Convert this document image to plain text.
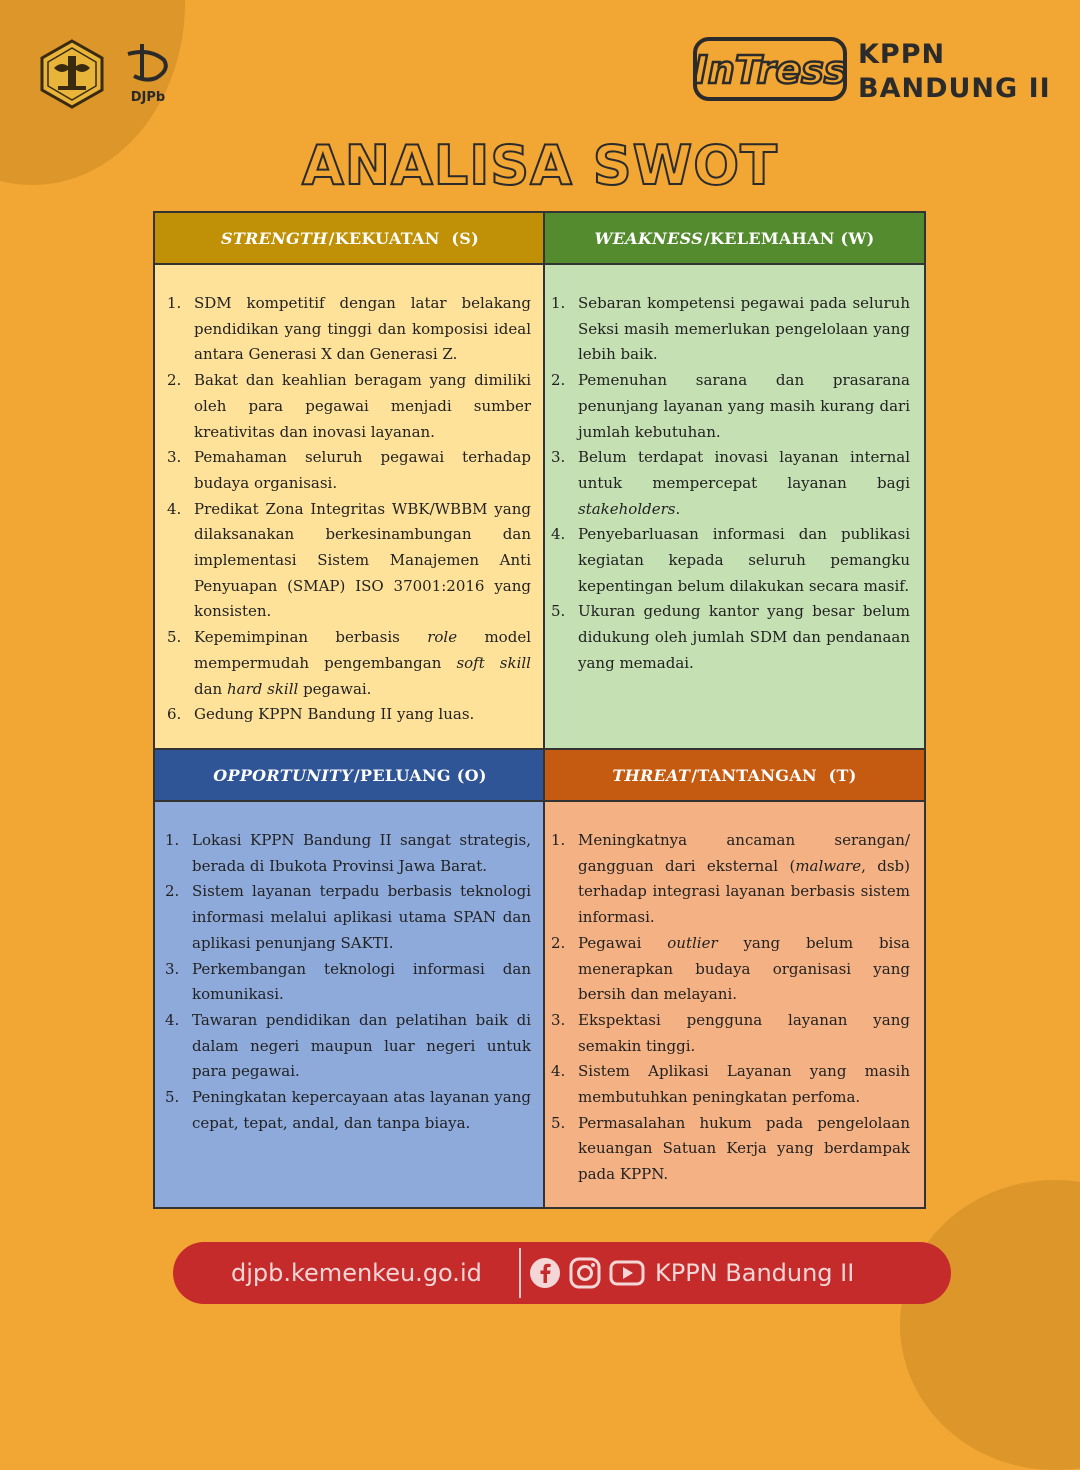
DJPb
InTress KPPN
BANDUNG II
ANALISA SWOT
STRENGTH /KEKUATAN  (S)
1. SDM kompetitif dengan latar belakang pendidikan yang tinggi dan komposisi ideal antara Generasi X dan Generasi Z.
2. Bakat dan keahlian beragam yang dimiliki oleh para pegawai menjadi sumber kreativitas dan inovasi layanan.
3. Pemahaman seluruh pegawai terhadap budaya organisasi.
4. Predikat Zona Integritas WBK/WBBM yang dilaksanakan berkesinambungan dan implementasi Sistem Manajemen Anti Penyuapan (SMAP) ISO 37001:2016 yang konsisten.
5. Kepemimpinan berbasis role model mempermudah pengembangan soft skill dan hard skill pegawai.
6. Gedung KPPN Bandung II yang luas.
WEAKNESS /KELEMAHAN (W)
1. Sebaran kompetensi pegawai pada seluruh Seksi masih memerlukan pengelolaan yang lebih baik.
2. Pemenuhan sarana dan prasarana penunjang layanan yang masih kurang dari jumlah kebutuhan.
3. Belum terdapat inovasi layanan internal untuk mempercepat layanan bagi stakeholders.
4. Penyebarluasan informasi dan publikasi kegiatan kepada seluruh pemangku kepentingan belum dilakukan secara masif.
5. Ukuran gedung kantor yang besar belum didukung oleh jumlah SDM dan pendanaan yang memadai.
OPPORTUNITY /PELUANG (O)
1. Lokasi KPPN Bandung II sangat strategis, berada di Ibukota Provinsi Jawa Barat.
2. Sistem layanan terpadu berbasis teknologi informasi melalui aplikasi utama SPAN dan aplikasi penunjang SAKTI.
3. Perkembangan teknologi informasi dan komunikasi.
4. Tawaran pendidikan dan pelatihan baik di dalam negeri maupun luar negeri untuk para pegawai.
5. Peningkatan kepercayaan atas layanan yang cepat, tepat, andal, dan tanpa biaya.
THREAT /TANTANGAN  (T)
1. Meningkatnya ancaman serangan/ gangguan dari eksternal (malware, dsb) terhadap integrasi layanan berbasis sistem informasi.
2. Pegawai outlier yang belum bisa menerapkan budaya organisasi yang bersih dan melayani.
3. Ekspektasi pengguna layanan yang semakin tinggi.
4. Sistem Aplikasi Layanan yang masih membutuhkan peningkatan perfoma.
5. Permasalahan hukum pada pengelolaan keuangan Satuan Kerja yang berdampak pada KPPN.
djpb.kemenkeu.go.id	KPPN Bandung II
